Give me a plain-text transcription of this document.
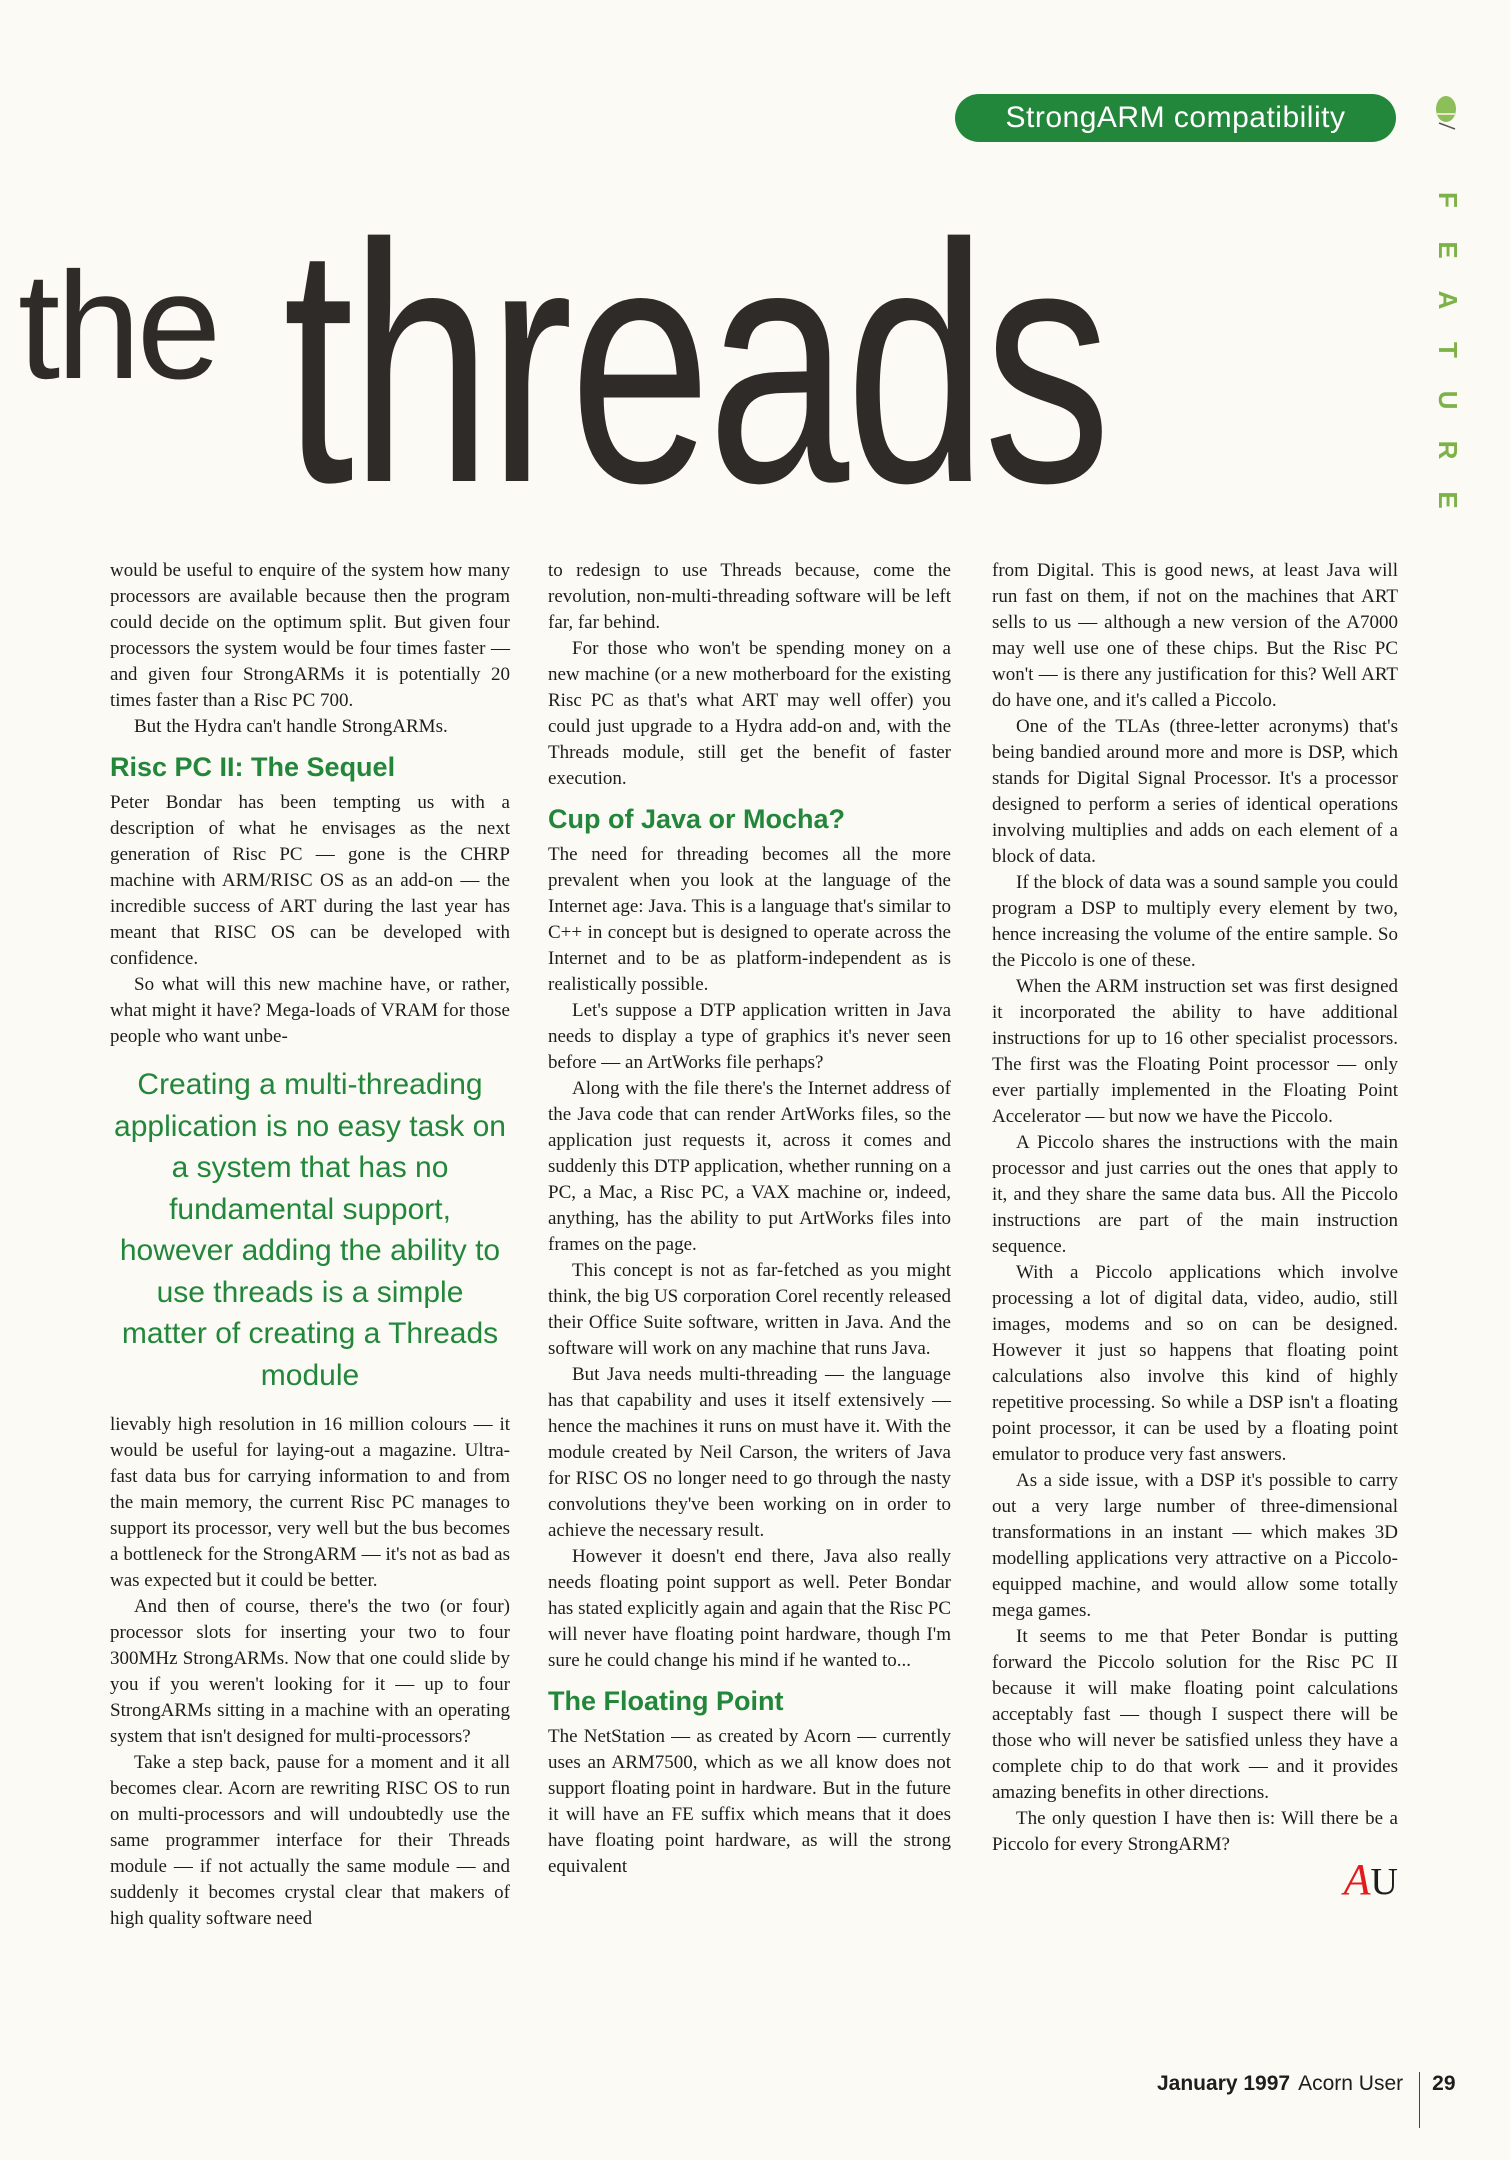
StrongARM compatibility
F
E
A
T
U
R
E
the threads

would be useful to enquire of the system how many processors are available because then the program could decide on the optimum split. But given four processors the system would be four times faster — and given four StrongARMs it is potentially 20 times faster than a Risc PC 700.

But the Hydra can't handle StrongARMs.

Risc PC II: The Sequel

Peter Bondar has been tempting us with a description of what he envisages as the next generation of Risc PC — gone is the CHRP machine with ARM/RISC OS as an add-on — the incredible success of ART during the last year has meant that RISC OS can be developed with confidence.

So what will this new machine have, or rather, what might it have? Mega-loads of VRAM for those people who want unbe-

Creating a multi-threading application is no easy task on a system that has no fundamental support, however adding the ability to use threads is a simple matter of creating a Threads module

lievably high resolution in 16 million colours — it would be useful for laying-out a magazine. Ultra-fast data bus for carrying information to and from the main memory, the current Risc PC manages to support its processor, very well but the bus becomes a bottleneck for the StrongARM — it's not as bad as was expected but it could be better.

And then of course, there's the two (or four) processor slots for inserting your two to four 300MHz StrongARMs. Now that one could slide by you if you weren't looking for it — up to four StrongARMs sitting in a machine with an operating system that isn't designed for multi-processors?

Take a step back, pause for a moment and it all becomes clear. Acorn are rewriting RISC OS to run on multi-processors and will undoubtedly use the same programmer interface for their Threads module — if not actually the same module — and suddenly it becomes crystal clear that makers of high quality software need

to redesign to use Threads because, come the revolution, non-multi-threading software will be left far, far behind.

For those who won't be spending money on a new machine (or a new motherboard for the existing Risc PC as that's what ART may well offer) you could just upgrade to a Hydra add-on and, with the Threads module, still get the benefit of faster execution.

Cup of Java or Mocha?

The need for threading becomes all the more prevalent when you look at the language of the Internet age: Java. This is a language that's similar to C++ in concept but is designed to operate across the Internet and to be as platform-independent as is realistically possible.

Let's suppose a DTP application written in Java needs to display a type of graphics it's never seen before — an ArtWorks file perhaps?

Along with the file there's the Internet address of the Java code that can render ArtWorks files, so the application just requests it, across it comes and suddenly this DTP application, whether running on a PC, a Mac, a Risc PC, a VAX machine or, indeed, anything, has the ability to put ArtWorks files into frames on the page.

This concept is not as far-fetched as you might think, the big US corporation Corel recently released their Office Suite software, written in Java. And the software will work on any machine that runs Java.

But Java needs multi-threading — the language has that capability and uses it itself extensively — hence the machines it runs on must have it. With the module created by Neil Carson, the writers of Java for RISC OS no longer need to go through the nasty convolutions they've been working on in order to achieve the necessary result.

However it doesn't end there, Java also really needs floating point support as well. Peter Bondar has stated explicitly again and again that the Risc PC will never have floating point hardware, though I'm sure he could change his mind if he wanted to...

The Floating Point

The NetStation — as created by Acorn — currently uses an ARM7500, which as we all know does not support floating point in hardware. But in the future it will have an FE suffix which means that it does have floating point hardware, as will the strong equivalent

from Digital. This is good news, at least Java will run fast on them, if not on the machines that ART sells to us — although a new version of the A7000 may well use one of these chips. But the Risc PC won't — is there any justification for this? Well ART do have one, and it's called a Piccolo.

One of the TLAs (three-letter acronyms) that's being bandied around more and more is DSP, which stands for Digital Signal Processor. It's a processor designed to perform a series of identical operations involving multiplies and adds on each element of a block of data.

If the block of data was a sound sample you could program a DSP to multiply every element by two, hence increasing the volume of the entire sample. So the Piccolo is one of these.

When the ARM instruction set was first designed it incorporated the ability to have additional instructions for up to 16 other specialist processors. The first was the Floating Point processor — only ever partially implemented in the Floating Point Accelerator — but now we have the Piccolo.

A Piccolo shares the instructions with the main processor and just carries out the ones that apply to it, and they share the same data bus. All the Piccolo instructions are part of the main instruction sequence.

With a Piccolo applications which involve processing a lot of digital data, video, audio, still images, modems and so on can be designed. However it just so happens that floating point calculations also involve this kind of highly repetitive processing. So while a DSP isn't a floating point processor, it can be used by a floating point emulator to produce very fast answers.

As a side issue, with a DSP it's possible to carry out a very large number of three-dimensional transformations in an instant — which makes 3D modelling applications very attractive on a Piccolo-equipped machine, and would allow some totally mega games.

It seems to me that Peter Bondar is putting forward the Piccolo solution for the Risc PC II because it will make floating point calculations acceptably fast — though I suspect there will be those who will never be satisfied unless they have a complete chip to do that work — and it provides amazing benefits in other directions.

The only question I have then is: Will there be a Piccolo for every StrongARM?

AU
January 1997 Acorn User 29
